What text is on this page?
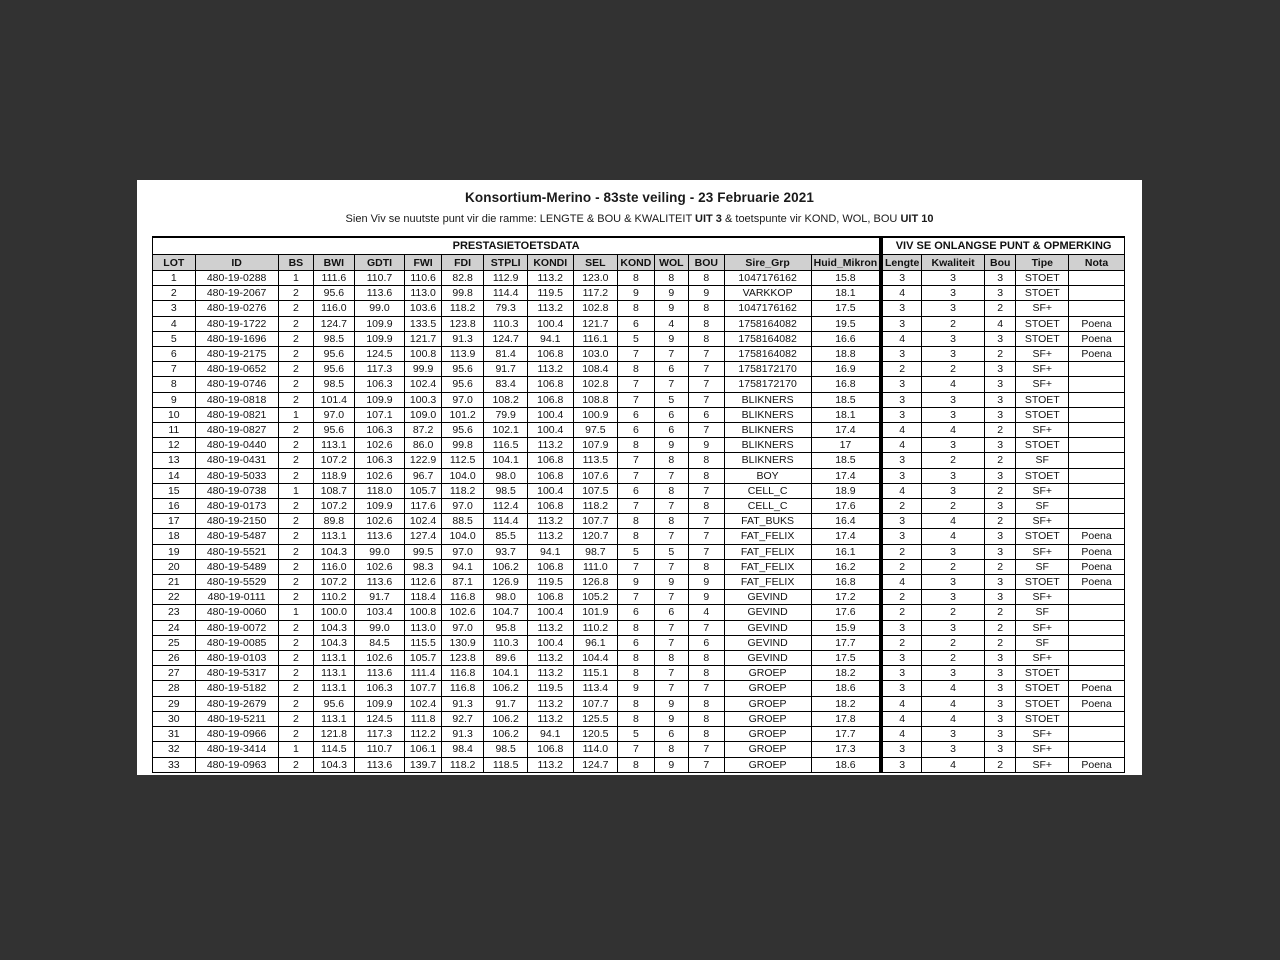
Konsortium-Merino - 83ste veiling - 23 Februarie 2021
Sien Viv se nuutste punt vir die ramme: LENGTE & BOU & KWALITEIT UIT 3 & toetspunte vir KOND, WOL, BOU UIT 10
PRESTASIETOETSDATA															VIV SE ONLANGSE PUNT & OPMERKING				
LOT	ID	BS	BWI	GDTI	FWI	FDI	STPLI	KONDI	SEL	KOND	WOL	BOU	Sire_Grp	Huid_Mikron	Lengte	Kwaliteit	Bou	Tipe	Nota
1	480-19-0288	1	111.6	110.7	110.6	82.8	112.9	113.2	123.0	8	8	8	1047176162	15.8	3	3	3	STOET	
2	480-19-2067	2	95.6	113.6	113.0	99.8	114.4	119.5	117.2	9	9	9	VARKKOP	18.1	4	3	3	STOET	
3	480-19-0276	2	116.0	99.0	103.6	118.2	79.3	113.2	102.8	8	9	8	1047176162	17.5	3	3	2	SF+	
4	480-19-1722	2	124.7	109.9	133.5	123.8	110.3	100.4	121.7	6	4	8	1758164082	19.5	3	2	4	STOET	Poena
5	480-19-1696	2	98.5	109.9	121.7	91.3	124.7	94.1	116.1	5	9	8	1758164082	16.6	4	3	3	STOET	Poena
6	480-19-2175	2	95.6	124.5	100.8	113.9	81.4	106.8	103.0	7	7	7	1758164082	18.8	3	3	2	SF+	Poena
7	480-19-0652	2	95.6	117.3	99.9	95.6	91.7	113.2	108.4	8	6	7	1758172170	16.9	2	2	3	SF+	
8	480-19-0746	2	98.5	106.3	102.4	95.6	83.4	106.8	102.8	7	7	7	1758172170	16.8	3	4	3	SF+	
9	480-19-0818	2	101.4	109.9	100.3	97.0	108.2	106.8	108.8	7	5	7	BLIKNERS	18.5	3	3	3	STOET	
10	480-19-0821	1	97.0	107.1	109.0	101.2	79.9	100.4	100.9	6	6	6	BLIKNERS	18.1	3	3	3	STOET	
11	480-19-0827	2	95.6	106.3	87.2	95.6	102.1	100.4	97.5	6	6	7	BLIKNERS	17.4	4	4	2	SF+	
12	480-19-0440	2	113.1	102.6	86.0	99.8	116.5	113.2	107.9	8	9	9	BLIKNERS	17	4	3	3	STOET	
13	480-19-0431	2	107.2	106.3	122.9	112.5	104.1	106.8	113.5	7	8	8	BLIKNERS	18.5	3	2	2	SF	
14	480-19-5033	2	118.9	102.6	96.7	104.0	98.0	106.8	107.6	7	7	8	BOY	17.4	3	3	3	STOET	
15	480-19-0738	1	108.7	118.0	105.7	118.2	98.5	100.4	107.5	6	8	7	CELL_C	18.9	4	3	2	SF+	
16	480-19-0173	2	107.2	109.9	117.6	97.0	112.4	106.8	118.2	7	7	8	CELL_C	17.6	2	2	3	SF	
17	480-19-2150	2	89.8	102.6	102.4	88.5	114.4	113.2	107.7	8	8	7	FAT_BUKS	16.4	3	4	2	SF+	
18	480-19-5487	2	113.1	113.6	127.4	104.0	85.5	113.2	120.7	8	7	7	FAT_FELIX	17.4	3	4	3	STOET	Poena
19	480-19-5521	2	104.3	99.0	99.5	97.0	93.7	94.1	98.7	5	5	7	FAT_FELIX	16.1	2	3	3	SF+	Poena
20	480-19-5489	2	116.0	102.6	98.3	94.1	106.2	106.8	111.0	7	7	8	FAT_FELIX	16.2	2	2	2	SF	Poena
21	480-19-5529	2	107.2	113.6	112.6	87.1	126.9	119.5	126.8	9	9	9	FAT_FELIX	16.8	4	3	3	STOET	Poena
22	480-19-0111	2	110.2	91.7	118.4	116.8	98.0	106.8	105.2	7	7	9	GEVIND	17.2	2	3	3	SF+	
23	480-19-0060	1	100.0	103.4	100.8	102.6	104.7	100.4	101.9	6	6	4	GEVIND	17.6	2	2	2	SF	
24	480-19-0072	2	104.3	99.0	113.0	97.0	95.8	113.2	110.2	8	7	7	GEVIND	15.9	3	3	2	SF+	
25	480-19-0085	2	104.3	84.5	115.5	130.9	110.3	100.4	96.1	6	7	6	GEVIND	17.7	2	2	2	SF	
26	480-19-0103	2	113.1	102.6	105.7	123.8	89.6	113.2	104.4	8	8	8	GEVIND	17.5	3	2	3	SF+	
27	480-19-5317	2	113.1	113.6	111.4	116.8	104.1	113.2	115.1	8	7	8	GROEP	18.2	3	3	3	STOET	
28	480-19-5182	2	113.1	106.3	107.7	116.8	106.2	119.5	113.4	9	7	7	GROEP	18.6	3	4	3	STOET	Poena
29	480-19-2679	2	95.6	109.9	102.4	91.3	91.7	113.2	107.7	8	9	8	GROEP	18.2	4	4	3	STOET	Poena
30	480-19-5211	2	113.1	124.5	111.8	92.7	106.2	113.2	125.5	8	9	8	GROEP	17.8	4	4	3	STOET	
31	480-19-0966	2	121.8	117.3	112.2	91.3	106.2	94.1	120.5	5	6	8	GROEP	17.7	4	3	3	SF+	
32	480-19-3414	1	114.5	110.7	106.1	98.4	98.5	106.8	114.0	7	8	7	GROEP	17.3	3	3	3	SF+	
33	480-19-0963	2	104.3	113.6	139.7	118.2	118.5	113.2	124.7	8	9	7	GROEP	18.6	3	4	2	SF+	Poena
